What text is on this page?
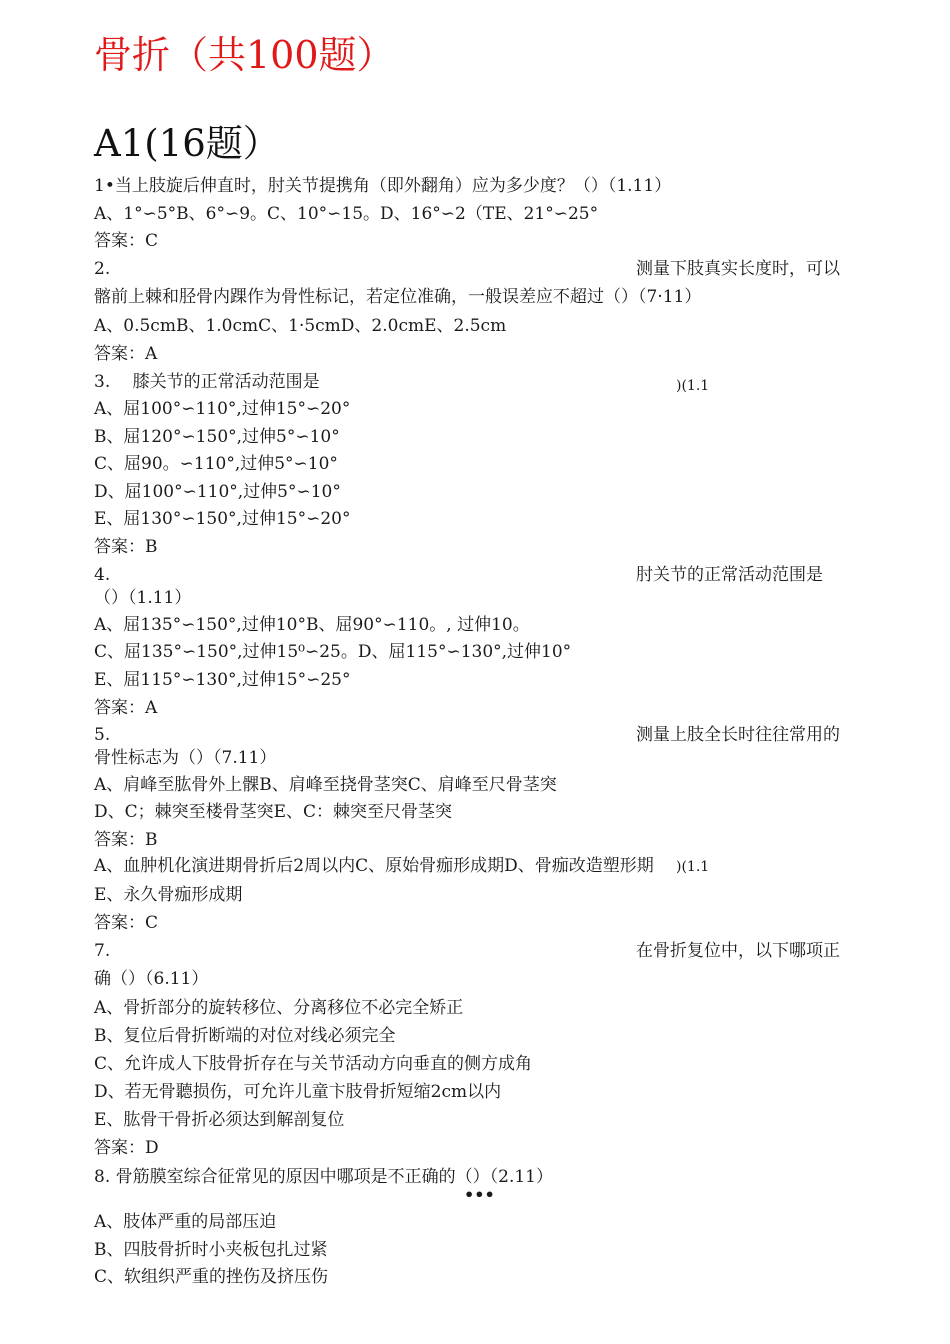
骨折（共100题）
A1(16题）
1•当上肢旋后伸直时，肘关节提携角（即外翻角）应为多少度？（）（1.11）
A、1°∽5°B、6°∽9。C、10°∽15。D、16°∽2（TE、21°∽25°
答案：C
2.	测量下肢真实长度时，可以
髂前上棘和胫骨内踝作为骨性标记，若定位准确，一般误差应不超过（）（7·11）
A、0.5cmB、1.0cmC、1·5cmD、2.0cmE、2.5cm
答案：A
3.　 膝关节的正常活动范围是	)(1.1
A、屈100°∽110°,过伸15°∽20°
B、屈120°∽150°,过伸5°∽10°
C、屈90。∽110°,过伸5°∽10°
D、屈100°∽110°,过伸5°∽10°
E、屈130°∽150°,过伸15°∽20°
答案：B
4.	肘关节的正常活动范围是
（）（1.11）
A、屈135°∽150°,过伸10°B、屈90°∽110。, 过伸10。
C、屈135°∽150°,过伸15⁰∽25。D、屈115°∽130°,过伸10°
E、屈115°∽130°,过伸15°∽25°
答案：A
5.	测量上肢全长时往往常用的
骨性标志为（）（7.11）
A、肩峰至肱骨外上髁B、肩峰至挠骨茎突C、肩峰至尺骨茎突
D、C；棘突至楼骨茎突E、C：棘突至尺骨茎突
答案：B
A、血肿机化演进期骨折后2周以内C、原始骨痂形成期D、骨痂改造塑形期 )(1.1
E、永久骨痂形成期
答案：C
7.	在骨折复位中，以下哪项正
确（）（6.11）
A、骨折部分的旋转移位、分离移位不必完全矫正
B、复位后骨折断端的对位对线必须完全
C、允许成人下肢骨折存在与关节活动方向垂直的侧方成角
D、若无骨聽损伤，可允许儿童卞肢骨折短缩2cm以内
E、肱骨干骨折必须达到解剖复位
答案：D
8. 骨筋膜室综合征常见的原因中哪项是不正确的（）（2.11）
•••
A、肢体严重的局部压迫
B、四肢骨折时小夹板包扎过紧
C、软组织严重的挫伤及挤压伤
